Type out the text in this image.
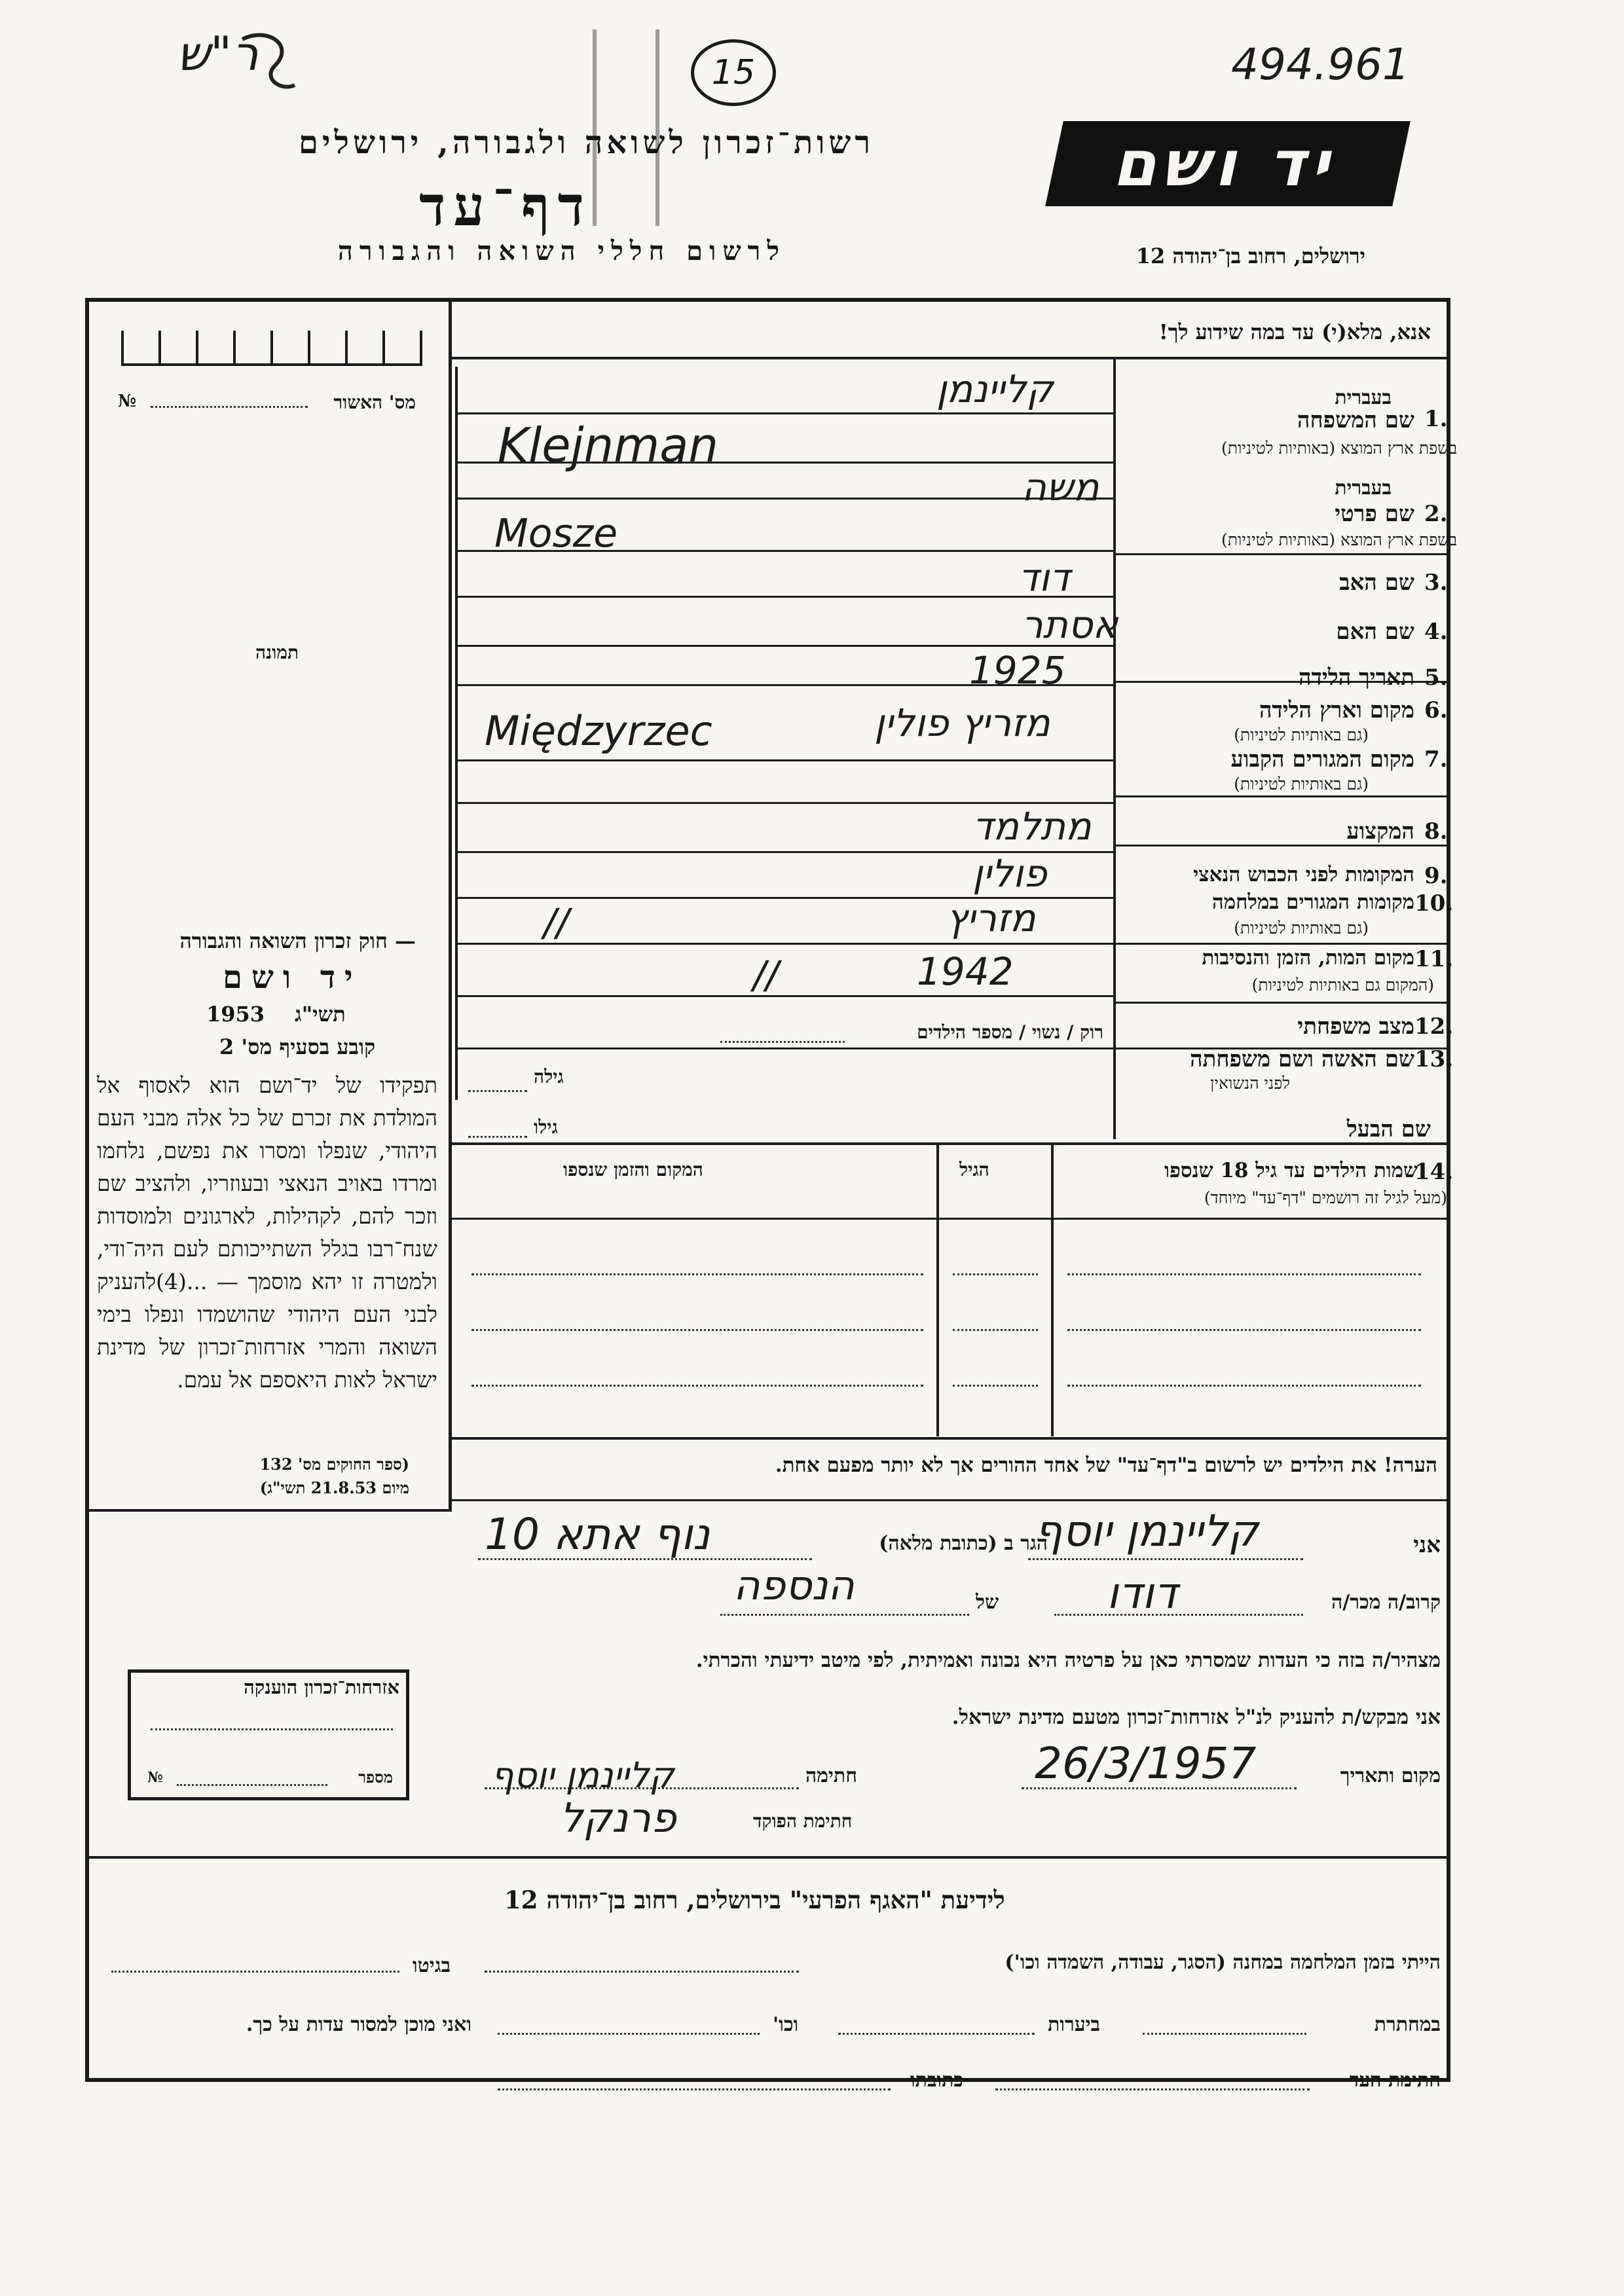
ר"ש	15	494.961
רשות־זכרון לשואה ולגבורה, ירושלים
דף־עד
לרשום חללי השואה והגבורה
יד ושם
ירושלים, רחוב בן־יהודה 12
אנא, מלא(י) עד במה שידוע לך!
№	מס' האשור
תמונה
— חוק זכרון השואה והגבורה
יד ושם
1953 תשי"ג
קובע בסעיף מס' 2
תפקידו של יד־ושם הוא לאסוף אל המולדת את זכרם של כל אלה מבני העם היהודי, שנפלו ומסרו את נפשם, נלחמו ומרדו באויב הנאצי ובעוזריו, ולהציב שם וזכר להם, לקהילות, לארגונים ולמוסדות שנח־רבו בגלל השתייכותם לעם היה־ודי, ולמטרה זו יהא מוסמך — ...(4)להעניק לבני העם היהודי שהושמדו ונפלו בימי השואה והמרי אזרחות־זכרון של מדינת ישראל לאות היאספם אל עמם.
(ספר החוקים מס' 132
מיום 21.8.53 תשי"ג)
בעברית
1.
שם המשפחה
בשפת ארץ המוצא (באותיות לטיניות)
קליינמן
Klejnman
בעברית
2.
שם פרטי
בשפת ארץ המוצא (באותיות לטיניות)
משה
Mosze
3.
שם האב
דוד
4.
שם האם
אסתר
5.
תאריך הלידה
1925
6.
מקום וארץ הלידה
(גם באותיות לטיניות)
מזריץ פולין
Międzyrzec
7.
מקום המגורים הקבוע
(גם באותיות לטיניות)
8.
המקצוע
מתלמד
9.
המקומות לפני הכבוש הנאצי
פולין
10.
מקומות המגורים במלחמה
(גם באותיות לטיניות)
//	מזריץ
11.
מקום המות, הזמן והנסיבות
(המקום גם באותיות לטיניות)
//	1942
12.
מצב משפחתי
רוק / נשוי / מספר הילדים
13.
שם האשה ושם משפחתה
לפני הנשואין
גילה
שם הבעל
גילו
14.
שמות הילדים עד גיל 18 שנספו
(מעל לגיל זה רושמים "דף־עד" מיוחד)
הגיל
המקום והזמן שנספו
הערה! את הילדים יש לרשום ב"דף־עד" של אחד ההורים אך לא יותר מפעם אחת.
אני
קליינמן יוסף
הגר ב (כתובת מלאה)
נוף אתא 10
קרוב/ה מכר/ה
דודו
של
הנספה
מצהיר/ה בזה כי העדות שמסרתי כאן על פרטיה היא נכונה ואמיתית, לפי מיטב ידיעתי והכרתי.
אני מבקש/ת להעניק לנ"ל אזרחות־זכרון מטעם מדינת ישראל.
מקום ותאריך
26/3/1957
חתימה
קליינמן יוסף
חתימת הפוקד
פרנקל
אזרחות־זכרון הוענקה
מספר
№
לידיעת "האגף הפרעי" בירושלים, רחוב בן־יהודה 12
הייתי בזמן המלחמה במחנה (הסגר, עבודה, השמדה וכו')
בגיטו
במחתרת
ביערות
וכו'
ואני מוכן למסור עדות על כך.
חתימת העד
כתובתו
